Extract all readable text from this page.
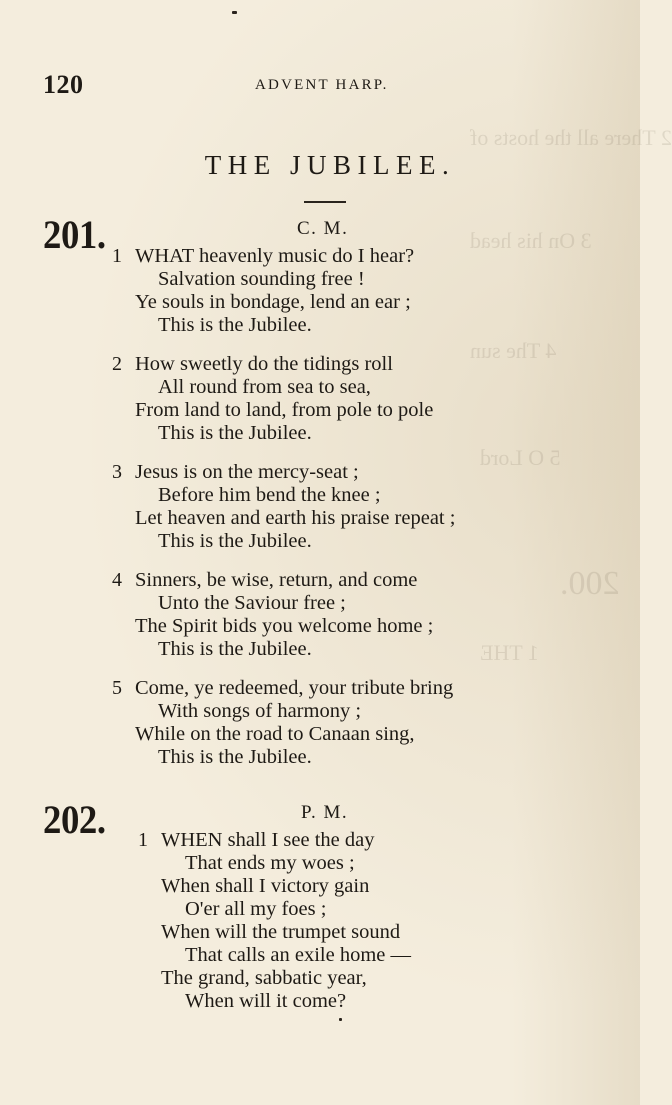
2 There all the hosts of
3 On his head
4 The sun
5 O Lord
200.
1 THE
120	ADVENT HARP.
THE JUBILEE.
201.	C. M.
1 WHAT heavenly music do I hear?
Salvation sounding free !
Ye souls in bondage, lend an ear ;
This is the Jubilee.
2 How sweetly do the tidings roll
All round from sea to sea,
From land to land, from pole to pole
This is the Jubilee.
3 Jesus is on the mercy-seat ;
Before him bend the knee ;
Let heaven and earth his praise repeat ;
This is the Jubilee.
4 Sinners, be wise, return, and come
Unto the Saviour free ;
The Spirit bids you welcome home ;
This is the Jubilee.
5 Come, ye redeemed, your tribute bring
With songs of harmony ;
While on the road to Canaan sing,
This is the Jubilee.
202.	P. M.
1 WHEN shall I see the day
That ends my woes ;
When shall I victory gain
O'er all my foes ;
When will the trumpet sound
That calls an exile home —
The grand, sabbatic year,
When will it come?
